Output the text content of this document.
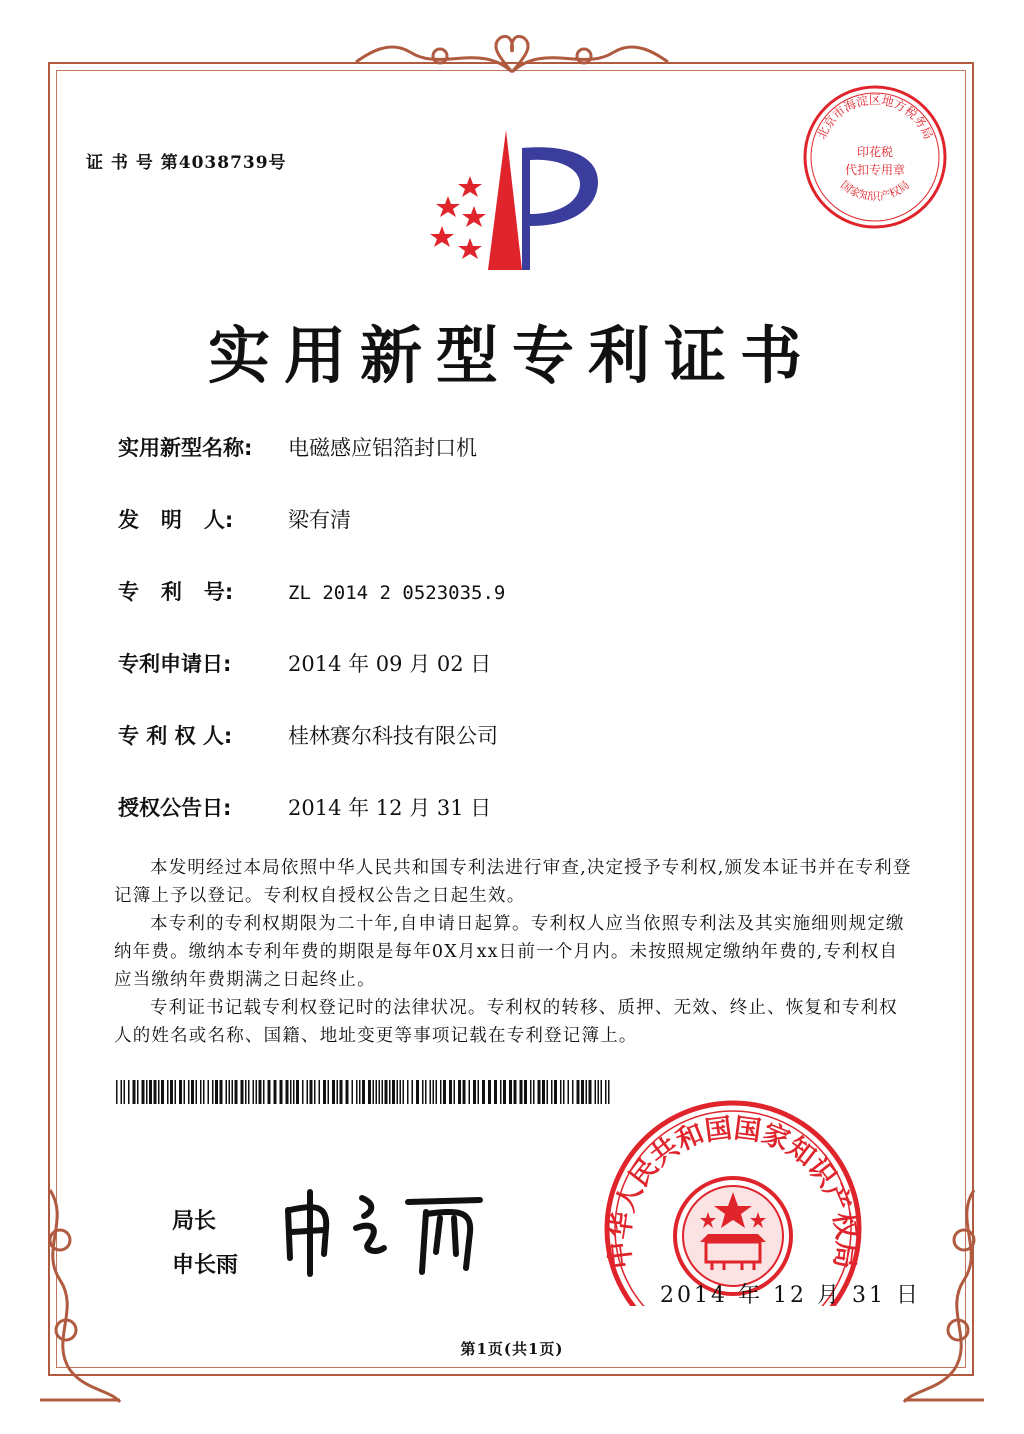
证 书 号 第4038739号
北京市海淀区地方税务局
国家知识产权局
印花税
代扣专用章
实用新型专利证书
实用新型名称: 电磁感应铝箔封口机
发   明   人:	梁有清
专   利   号:	ZL 2014 2 0523035.9
专利申请日:	2014 年 09 月 02 日
专 利 权 人:	桂林赛尔科技有限公司
授权公告日:	2014 年 12 月 31 日

本发明经过本局依照中华人民共和国专利法进行审查,决定授予专利权,颁发本证书并在专利登记簿上予以登记。专利权自授权公告之日起生效。

本专利的专利权期限为二十年,自申请日起算。专利权人应当依照专利法及其实施细则规定缴纳年费。缴纳本专利年费的期限是每年0X月xx日前一个月内。未按照规定缴纳年费的,专利权自应当缴纳年费期满之日起终止。

专利证书记载专利权登记时的法律状况。专利权的转移、质押、无效、终止、恢复和专利权人的姓名或名称、国籍、地址变更等事项记载在专利登记簿上。

局长
申长雨	中华人民共和国国家知识产权局
2014 年 12 月 31 日
第1页(共1页)
